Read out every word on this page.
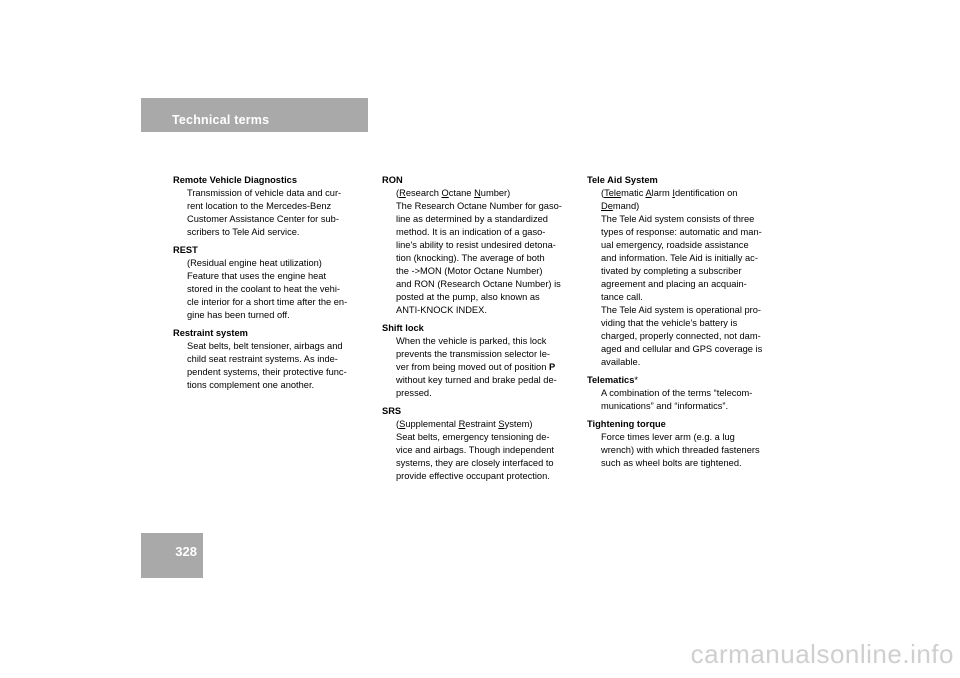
Technical terms
328
Remote Vehicle Diagnostics
Transmission of vehicle data and cur-
rent location to the Mercedes-Benz
Customer Assistance Center for sub-
scribers to Tele Aid service.
REST
(Residual engine heat utilization)
Feature that uses the engine heat
stored in the coolant to heat the vehi-
cle interior for a short time after the en-
gine has been turned off.
Restraint system
Seat belts, belt tensioner, airbags and
child seat restraint systems. As inde-
pendent systems, their protective func-
tions complement one another.
RON
(Research Octane Number)
The Research Octane Number for gaso-
line as determined by a standardized
method. It is an indication of a gaso-
line's ability to resist undesired detona-
tion (knocking). The average of both
the ->MON (Motor Octane Number)
and RON (Research Octane Number) is
posted at the pump, also known as
ANTI-KNOCK INDEX.
Shift lock
When the vehicle is parked, this lock
prevents the transmission selector le-
ver from being moved out of position P
without key turned and brake pedal de-
pressed.
SRS
(Supplemental Restraint System)
Seat belts, emergency tensioning de-
vice and airbags. Though independent
systems, they are closely interfaced to
provide effective occupant protection.
Tele Aid System
(Telematic Alarm Identification on
Demand)
The Tele Aid system consists of three
types of response: automatic and man-
ual emergency, roadside assistance
and information. Tele Aid is initially ac-
tivated by completing a subscriber
agreement and placing an acquain-
tance call.
The Tele Aid system is operational pro-
viding that the vehicle’s battery is
charged, properly connected, not dam-
aged and cellular and GPS coverage is
available.
Telematics*
A combination of the terms “telecom-
munications” and “informatics”.
Tightening torque
Force times lever arm (e.g. a lug
wrench) with which threaded fasteners
such as wheel bolts are tightened.
carmanualsonline.info
